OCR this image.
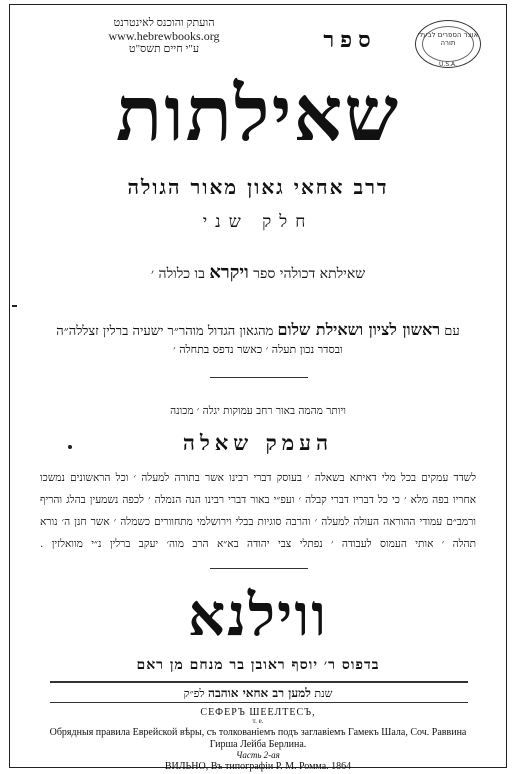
הועתק והוכנס לאינטרנט
www.hebrewbooks.org
ע"י חיים תשס"ט
אוצר הספרים לבעלי תורה
U.S.A.
ספר
שאילתות
דרב אחאי גאון מאור הגולה
חלק שני
שאילתא דכולהי ספר ויקרא בו כלולה ׳
עם ראשון לציון ושאילת שלום מהגאון הגדול מוהר״ר ישעיה ברלין זצללה״ה
ובסדר נכון תעלה ׳ כאשר נדפס בתחלה ׳
ויותר מהמה באור רחב עמוקות יגלה ׳ מכונה
העמק שאלה
לשדד עמקים בכל מלי דאיתא בשאלה ׳ בעוסק דברי רבינו אשר בתורה למעלה ׳ וכל הראשונים נמשכו
אחריו בפה מלא ׳ כי כל דבריו דברי קבלה ׳ ועפ״י באור דברי רבינו הנה הנמלה ׳ לכפה נשמעין בהלג והריף
ורמב״ם עמודי ההוראה העולה למעלה ׳ והרבה סוגיות בבלי וירושלמי מתחוורים כשמלה ׳ אשר חנן ה׳ נורא
תהלה ׳ אותי העמוס לעבודה ׳ נפתלי צבי יהודה בא״א הרב מוה׳ יעקב ברלין נ״י מוואלזין .
ווילנא
בדפוס ר׳ יוסף ראובן בר מנחם מן ראם
שנת למען רב אחאי אוהבה לפ״ק
СЕФЕРЪ ШЕЕЛТЕСЪ,
т. е.
Обрядныя правила Еврейской вѣры, съ толкованіемъ подъ заглавіемъ Гамекъ Шала, Соч. Раввина
Гирша Лейба Берлина.
Часть 2-ая
ВИЛЬНО, Въ типографіи Р. М. Ромма. 1864
